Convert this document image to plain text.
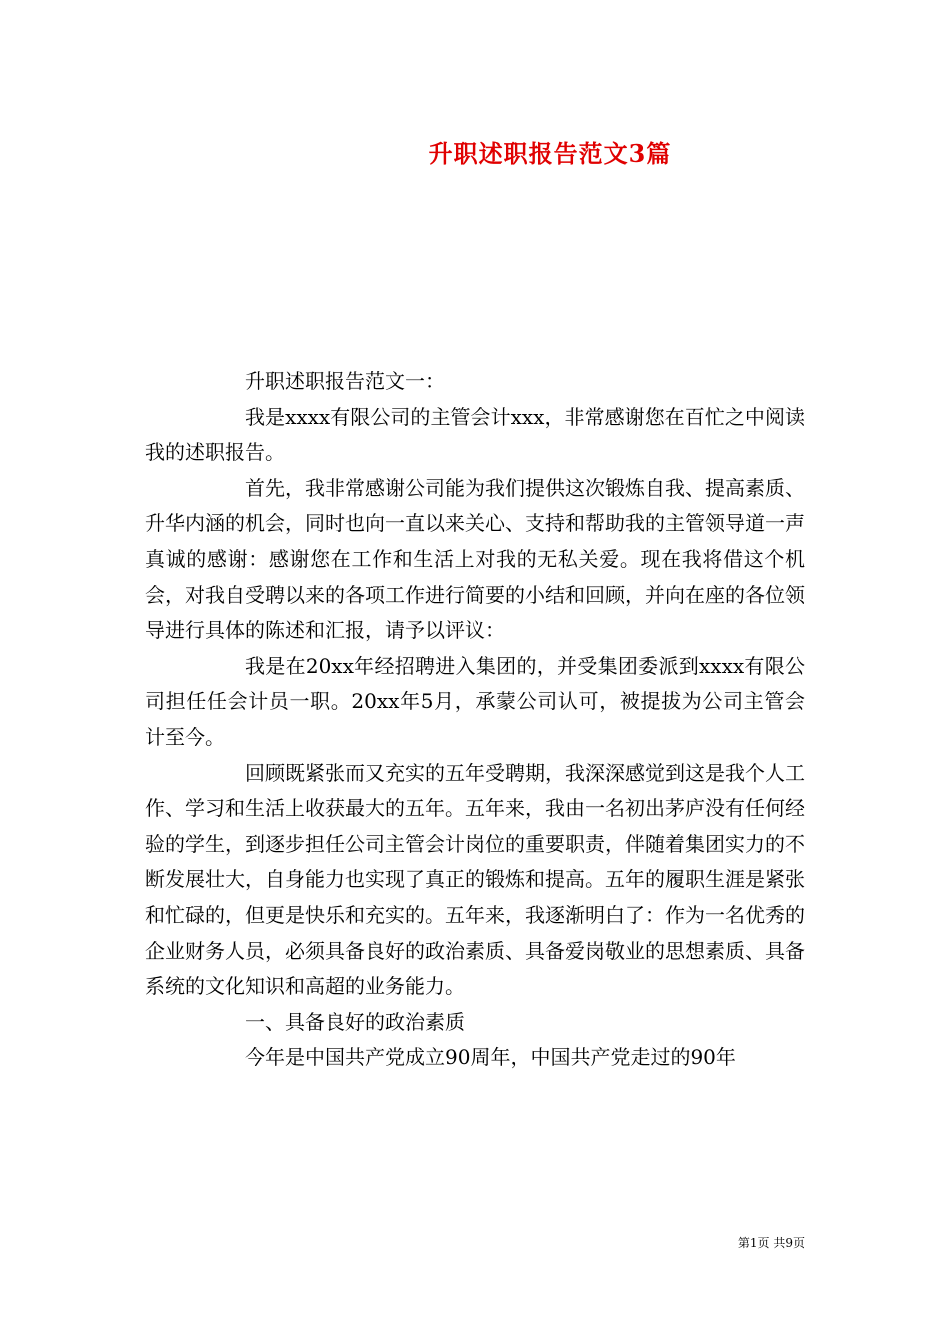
升职述职报告范文3篇

升职述职报告范文一：

我是xxxx有限公司的主管会计xxx，非常感谢您在百忙之中阅读我的述职报告。

首先，我非常感谢公司能为我们提供这次锻炼自我、提高素质、升华内涵的机会，同时也向一直以来关心、支持和帮助我的主管领导道一声真诚的感谢：感谢您在工作和生活上对我的无私关爱。现在我将借这个机会，对我自受聘以来的各项工作进行简要的小结和回顾，并向在座的各位领导进行具体的陈述和汇报，请予以评议：

我是在20xx年经招聘进入集团的，并受集团委派到xxxx有限公司担任任会计员一职。20xx年5月，承蒙公司认可，被提拔为公司主管会计至今。

回顾既紧张而又充实的五年受聘期，我深深感觉到这是我个人工作、学习和生活上收获最大的五年。五年来，我由一名初出茅庐没有任何经验的学生，到逐步担任公司主管会计岗位的重要职责，伴随着集团实力的不断发展壮大，自身能力也实现了真正的锻炼和提高。五年的履职生涯是紧张和忙碌的，但更是快乐和充实的。五年来，我逐渐明白了：作为一名优秀的企业财务人员，必须具备良好的政治素质、具备爱岗敬业的思想素质、具备系统的文化知识和高超的业务能力。

一、具备良好的政治素质

今年是中国共产党成立90周年，中国共产党走过的90年

第1页 共9页
